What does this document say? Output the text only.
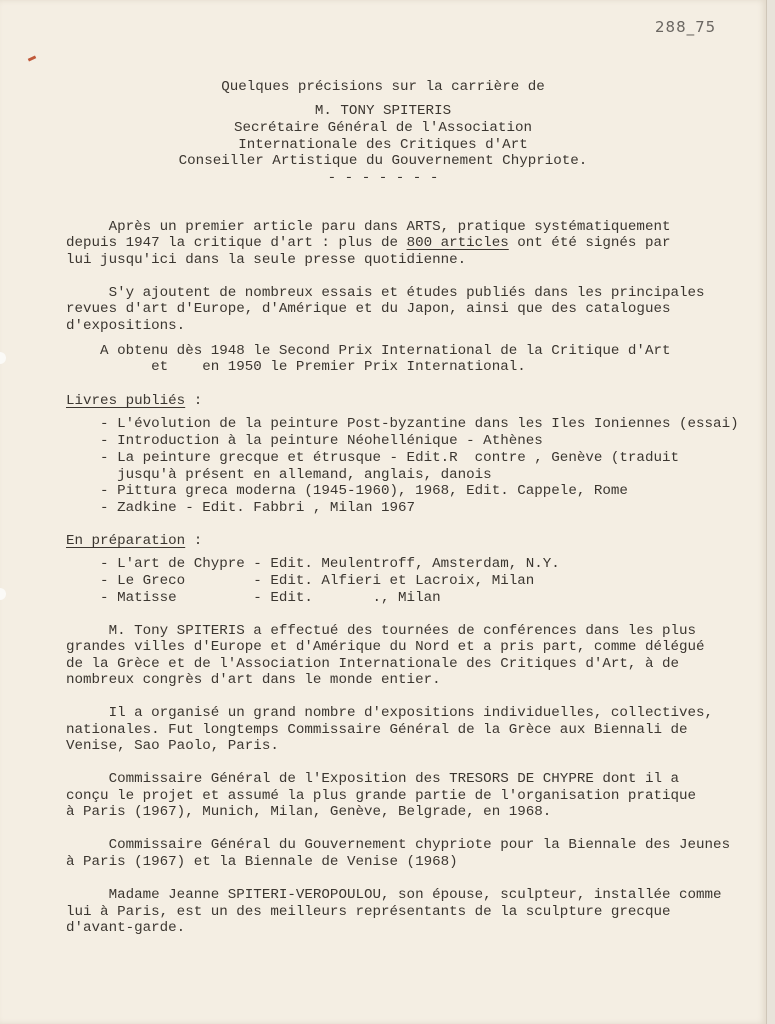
288_75
Quelques précisions sur la carrière de
M. TONY SPITERIS
Secrétaire Général de l'Association
Internationale des Critiques d'Art
Conseiller Artistique du Gouvernement Chypriote.
- - - - - - -
Après un premier article paru dans ARTS, pratique systématiquement
depuis 1947 la critique d'art : plus de 800 articles ont été signés par
lui jusqu'ici dans la seule presse quotidienne.
S'y ajoutent de nombreux essais et études publiés dans les principales
revues d'art d'Europe, d'Amérique et du Japon, ainsi que des catalogues
d'expositions.
A obtenu dès 1948 le Second Prix International de la Critique d'Art
et    en 1950 le Premier Prix International.
Livres publiés :
- L'évolution de la peinture Post-byzantine dans les Iles Ioniennes (essai)
- Introduction à la peinture Néohellénique - Athènes
- La peinture grecque et étrusque - Edit.R  contre , Genève (traduit
jusqu'à présent en allemand, anglais, danois
- Pittura greca moderna (1945-1960), 1968, Edit. Cappele, Rome
- Zadkine - Edit. Fabbri , Milan 1967
En préparation :
- L'art de Chypre - Edit. Meulentroff, Amsterdam, N.Y.
- Le Greco        - Edit. Alfieri et Lacroix, Milan
- Matisse         - Edit.       ., Milan
M. Tony SPITERIS a effectué des tournées de conférences dans les plus
grandes villes d'Europe et d'Amérique du Nord et a pris part, comme délégué
de la Grèce et de l'Association Internationale des Critiques d'Art, à de
nombreux congrès d'art dans le monde entier.
Il a organisé un grand nombre d'expositions individuelles, collectives,
nationales. Fut longtemps Commissaire Général de la Grèce aux Biennali de
Venise, Sao Paolo, Paris.
Commissaire Général de l'Exposition des TRESORS DE CHYPRE dont il a
conçu le projet et assumé la plus grande partie de l'organisation pratique
à Paris (1967), Munich, Milan, Genève, Belgrade, en 1968.
Commissaire Général du Gouvernement chypriote pour la Biennale des Jeunes
à Paris (1967) et la Biennale de Venise (1968)
Madame Jeanne SPITERI-VEROPOULOU, son épouse, sculpteur, installée comme
lui à Paris, est un des meilleurs représentants de la sculpture grecque
d'avant-garde.
